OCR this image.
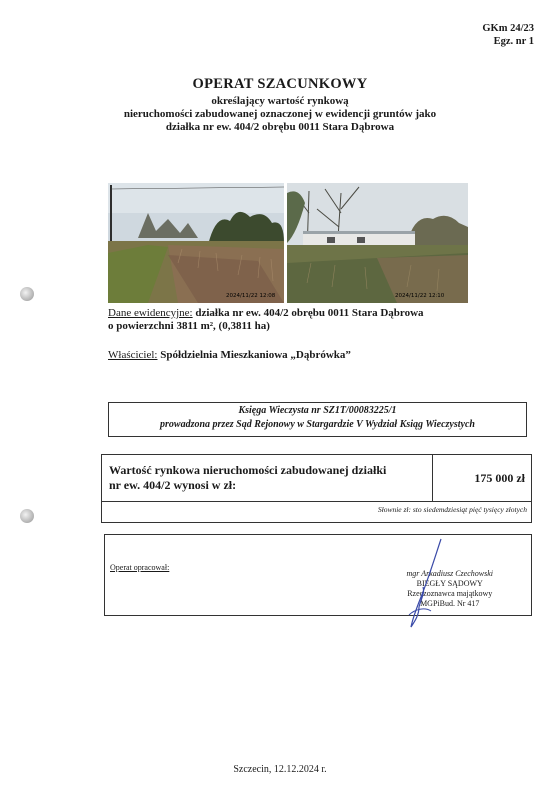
GKm 24/23
Egz. nr 1
OPERAT SZACUNKOWY
określający wartość rynkową
nieruchomości zabudowanej oznaczonej w ewidencji gruntów jako
działka nr ew. 404/2 obrębu 0011 Stara Dąbrowa
2024/11/22 12:08	2024/11/22 12:10
Dane ewidencyjne: działka nr ew. 404/2 obrębu 0011 Stara Dąbrowa
o powierzchni 3811 m², (0,3811 ha)
Właściciel: Spółdzielnia Mieszkaniowa „Dąbrówka”
Księga Wieczysta nr SZ1T/00083225/1
prowadzona przez Sąd Rejonowy w Stargardzie V Wydział Ksiąg Wieczystych
Wartość rynkowa nieruchomości zabudowanej działki
nr ew. 404/2 wynosi w zł:	175 000 zł
Słownie zł: sto siedemdziesiąt pięć tysięcy złotych
Operat opracował:
mgr Arkadiusz Czechowski
BIEGŁY SĄDOWY
Rzeczoznawca majątkowy
MGPiBud. Nr 417
Szczecin, 12.12.2024 r.
